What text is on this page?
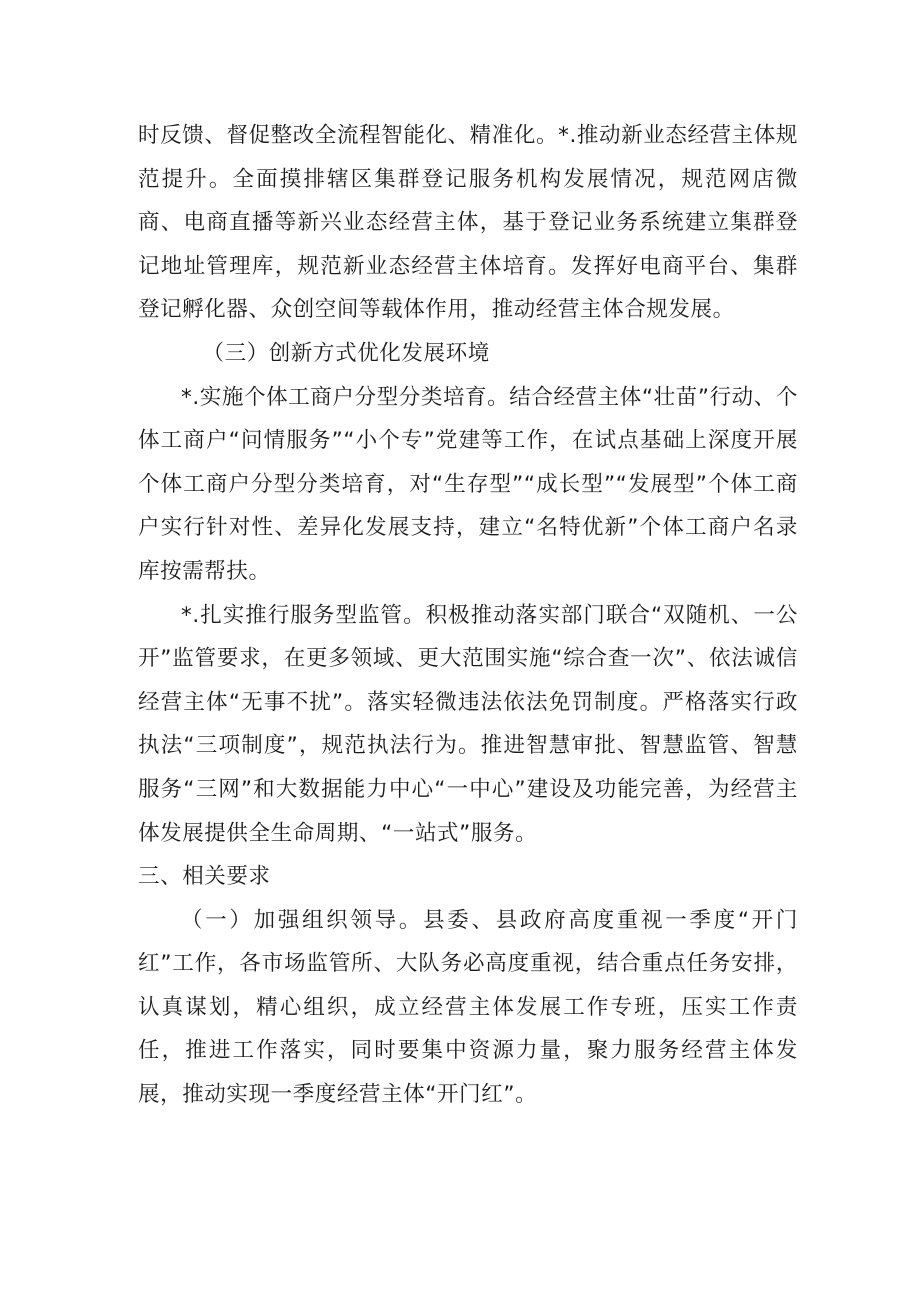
时反馈、督促整改全流程智能化、精准化。*.推动新业态经营主体规范提升。全面摸排辖区集群登记服务机构发展情况，规范网店微商、电商直播等新兴业态经营主体，基于登记业务系统建立集群登记地址管理库，规范新业态经营主体培育。发挥好电商平台、集群登记孵化器、众创空间等载体作用，推动经营主体合规发展。

（三）创新方式优化发展环境

*.实施个体工商户分型分类培育。结合经营主体“壮苗”行动、个体工商户“问情服务”“小个专”党建等工作，在试点基础上深度开展个体工商户分型分类培育，对“生存型”“成长型”“发展型”个体工商户实行针对性、差异化发展支持，建立“名特优新”个体工商户名录库按需帮扶。

*.扎实推行服务型监管。积极推动落实部门联合“双随机、一公开”监管要求，在更多领域、更大范围实施“综合查一次”、依法诚信经营主体“无事不扰”。落实轻微违法依法免罚制度。严格落实行政执法“三项制度”，规范执法行为。推进智慧审批、智慧监管、智慧服务“三网”和大数据能力中心“一中心”建设及功能完善，为经营主体发展提供全生命周期、“一站式”服务。

三、相关要求

（一）加强组织领导。县委、县政府高度重视一季度“开门红”工作，各市场监管所、大队务必高度重视，结合重点任务安排，认真谋划，精心组织，成立经营主体发展工作专班，压实工作责任，推进工作落实，同时要集中资源力量，聚力服务经营主体发展，推动实现一季度经营主体“开门红”。
